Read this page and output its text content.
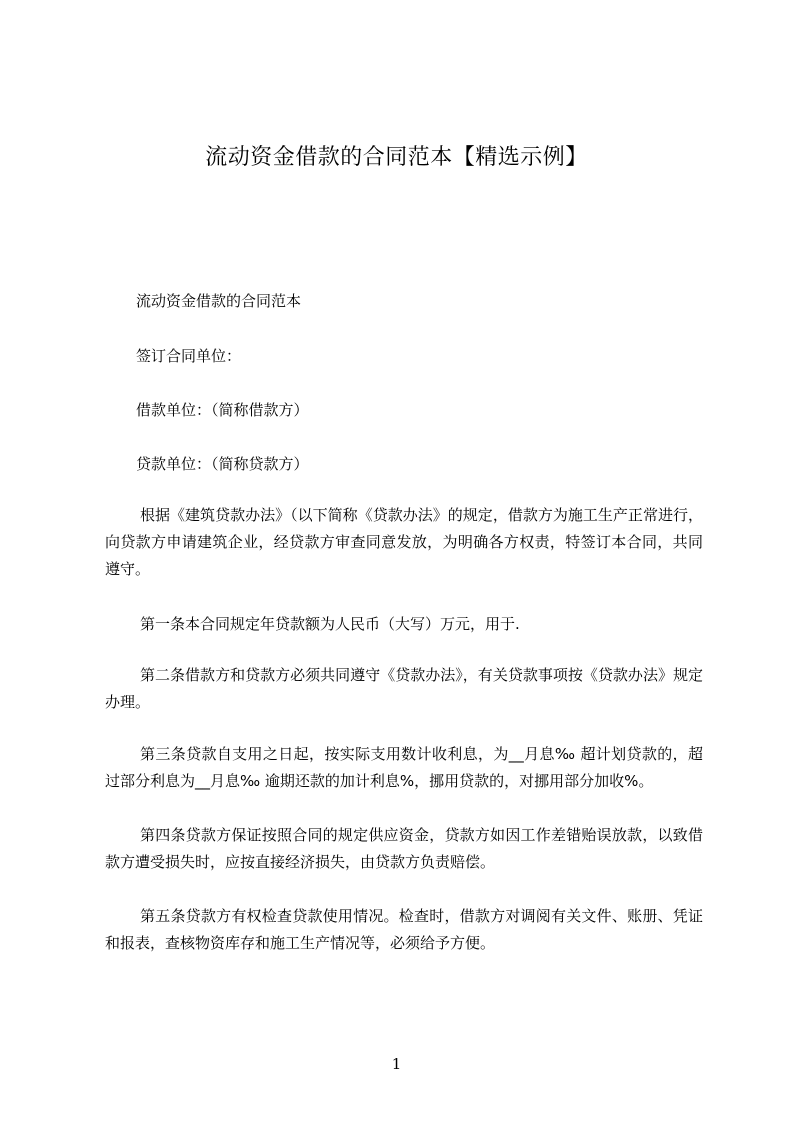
流动资金借款的合同范本【精选示例】
流动资金借款的合同范本
签订合同单位：
借款单位：（简称借款方）
贷款单位：（简称贷款方）
根据《建筑贷款办法》（以下简称《贷款办法》的规定，借款方为施工生产正常进行，向贷款方申请建筑企业，经贷款方审查同意发放，为明确各方权责，特签订本合同，共同遵守。
第一条本合同规定年贷款额为人民币（大写）万元，用于.
第二条借款方和贷款方必须共同遵守《贷款办法》，有关贷款事项按《贷款办法》规定办理。
第三条贷款自支用之日起，按实际支用数计收利息，为__月息‰ 超计划贷款的，超过部分利息为__月息‰ 逾期还款的加计利息%，挪用贷款的，对挪用部分加收%。
第四条贷款方保证按照合同的规定供应资金，贷款方如因工作差错贻误放款，以致借款方遭受损失时，应按直接经济损失，由贷款方负责赔偿。
第五条贷款方有权检查贷款使用情况。检查时，借款方对调阅有关文件、账册、凭证和报表，查核物资库存和施工生产情况等，必须给予方便。
1
